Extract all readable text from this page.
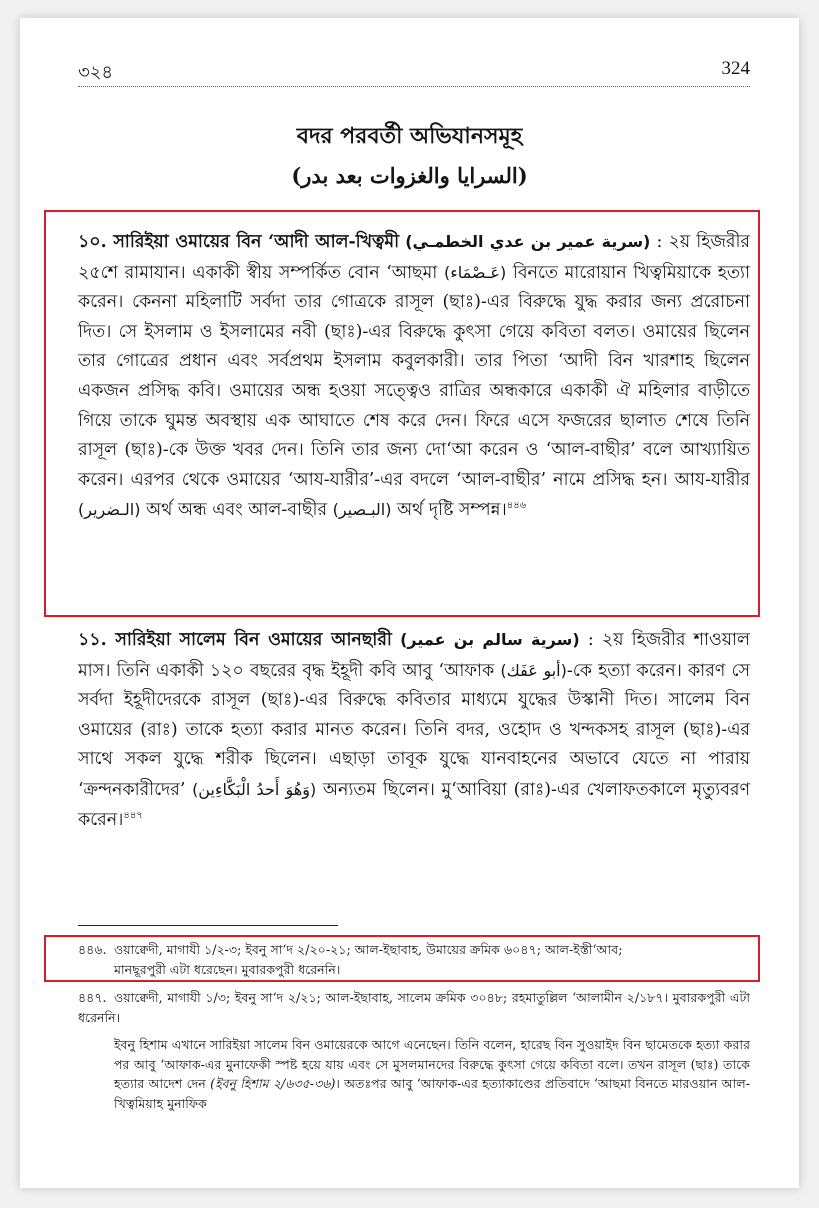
৩২৪	324
বদর পরবর্তী অভিযানসমূহ
(السرايا والغزوات بعد بدر)

১০. সারিইয়া ওমায়ের বিন ‘আদী আল-খিত্বমী (سرية عمير بن عدي الخطمـي) : ২য় হিজরীর ২৫শে রামাযান। একাকী স্বীয় সম্পর্কিত বোন ‘আছমা (عَـصْمَاء) বিনতে মারোয়ান খিত্বমিয়াকে হত্যা করেন। কেননা মহিলাটি সর্বদা তার গোত্রকে রাসূল (ছাঃ)-এর বিরুদ্ধে যুদ্ধ করার জন্য প্ররোচনা দিত। সে ইসলাম ও ইসলামের নবী (ছাঃ)-এর বিরুদ্ধে কুৎসা গেয়ে কবিতা বলত। ওমায়ের ছিলেন তার গোত্রের প্রধান এবং সর্বপ্রথম ইসলাম কবুলকারী। তার পিতা ‘আদী বিন খারশাহ ছিলেন একজন প্রসিদ্ধ কবি। ওমায়ের অন্ধ হওয়া সত্ত্বেও রাত্রির অন্ধকারে একাকী ঐ মহিলার বাড়ীতে গিয়ে তাকে ঘুমন্ত অবস্থায় এক আঘাতে শেষ করে দেন। ফিরে এসে ফজরের ছালাত শেষে তিনি রাসূল (ছাঃ)-কে উক্ত খবর দেন। তিনি তার জন্য দো‘আ করেন ও ‘আল-বাছীর’ বলে আখ্যায়িত করেন। এরপর থেকে ওমায়ের ‘আয-যারীর’-এর বদলে ‘আল-বাছীর’ নামে প্রসিদ্ধ হন। আয-যারীর (الـضرير) অর্থ অন্ধ এবং আল-বাছীর (البـصير) অর্থ দৃষ্টি সম্পন্ন।$^{৪৪৬}$

১১. সারিইয়া সালেম বিন ওমায়ের আনছারী (سرية سالم بن عمير) : ২য় হিজরীর শাওয়াল মাস। তিনি একাকী ১২০ বছরের বৃদ্ধ ইহূদী কবি আবু ‘আফাক (أبو عَفَك)-কে হত্যা করেন। কারণ সে সর্বদা ইহূদীদেরকে রাসূল (ছাঃ)-এর বিরুদ্ধে কবিতার মাধ্যমে যুদ্ধের উস্কানী দিত। সালেম বিন ওমায়ের (রাঃ) তাকে হত্যা করার মানত করেন। তিনি বদর, ওহোদ ও খন্দকসহ রাসূল (ছাঃ)-এর সাথে সকল যুদ্ধে শরীক ছিলেন। এছাড়া তাবূক যুদ্ধে যানবাহনের অভাবে যেতে না পারায় ‘ক্রন্দনকারীদের’ (وَهُوَ أَحدُ الْبَكَّاءِين) অন্যতম ছিলেন। মু‘আবিয়া (রাঃ)-এর খেলাফতকালে মৃত্যুবরণ করেন।$^{৪৪৭}$

৪৪৬. ওয়াক্বেদী, মাগাযী ১/২-৩; ইবনু সা‘দ ২/২০-২১; আল-ইছাবাহ, উমায়ের ক্রমিক ৬০৪৭; আল-ইস্তী‘আব;
মানছূরপুরী এটা ধরেছেন। মুবারকপুরী ধরেননি।
৪৪৭. ওয়াক্বেদী, মাগাযী ১/৩; ইবনু সা‘দ ২/২১; আল-ইছাবাহ, সালেম ক্রমিক ৩০৪৮; রহমাতুল্লিল ‘আলামীন ২/১৮৭। মুবারকপুরী এটা ধরেননি।
ইবনু হিশাম এখানে সারিইয়া সালেম বিন ওমায়েরকে আগে এনেছেন। তিনি বলেন, হারেছ বিন সুওয়াইদ বিন ছামেতকে হত্যা করার পর আবু ‘আফাক-এর মুনাফেকী স্পষ্ট হয়ে যায় এবং সে মুসলমানদের বিরুদ্ধে কুৎসা গেয়ে কবিতা বলে। তখন রাসূল (ছাঃ) তাকে হত্যার আদেশ দেন (ইবনু হিশাম ২/৬৩৫-৩৬)। অতঃপর আবু ‘আফাক-এর হত্যাকাণ্ডের প্রতিবাদে ‘আছমা বিনতে মারওয়ান আল-খিত্বমিয়াহ মুনাফিক
